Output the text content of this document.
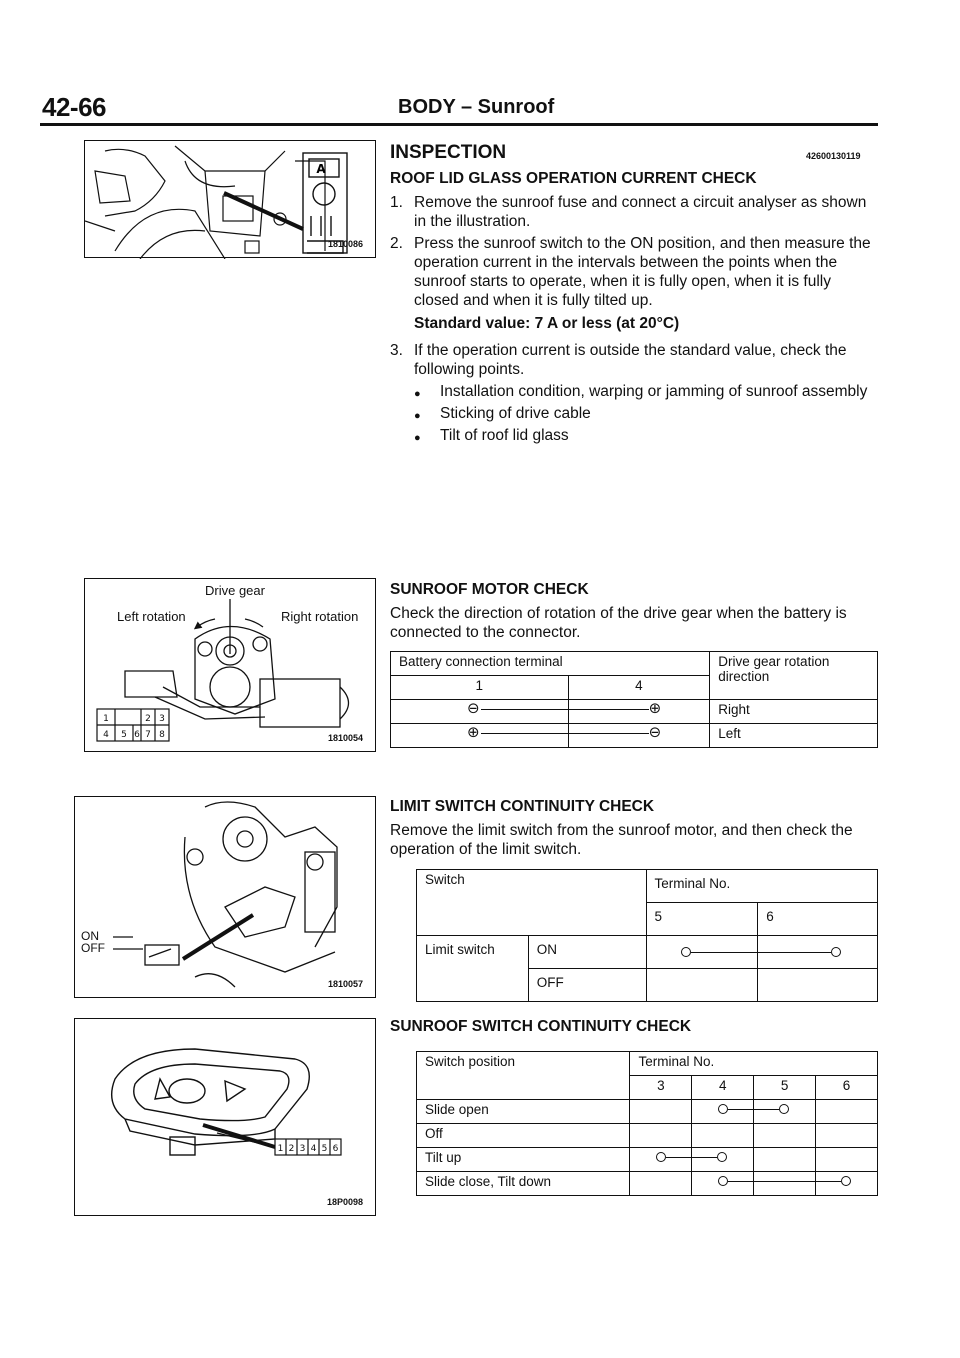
42-66	BODY – Sunroof
A
1810086
Drive gear
Left rotation	Right rotation
1	2 3
4 5 6 7 8	1810054
ON
OFF
1810057
1 2 3 4 5 6
18P0098
INSPECTION	42600130119
ROOF LID GLASS OPERATION CURRENT CHECK
1. Remove the sunroof fuse and connect a circuit analyser as shown in the illustration.
2. Press the sunroof switch to the ON position, and then measure the operation current in the intervals between the points when the sunroof starts to operate, when it is fully open, when it is fully closed and when it is fully tilted up.
Standard value: 7 A or less (at 20°C)
3. If the operation current is outside the standard value, check the following points.
●	Installation condition, warping or jamming of sunroof assembly
●	Sticking of drive cable
●	Tilt of roof lid glass
SUNROOF MOTOR CHECK
Check the direction of rotation of the drive gear when the battery is connected to the connector.
Battery connection terminal		Drive gear rotation direction
1	4	

⊖	⊕	Right

⊕	⊖	Left
LIMIT SWITCH CONTINUITY CHECK
Remove the limit switch from the sunroof motor, and then check the operation of the limit switch.
Switch		Terminal No.	
		5	6
Limit switch	ON	

	OFF		
SUNROOF SWITCH CONTINUITY CHECK
Switch position	Terminal No.			
	3	4	5	6
Slide open		

Off				
Tilt up	

Slide close, Tilt down		
